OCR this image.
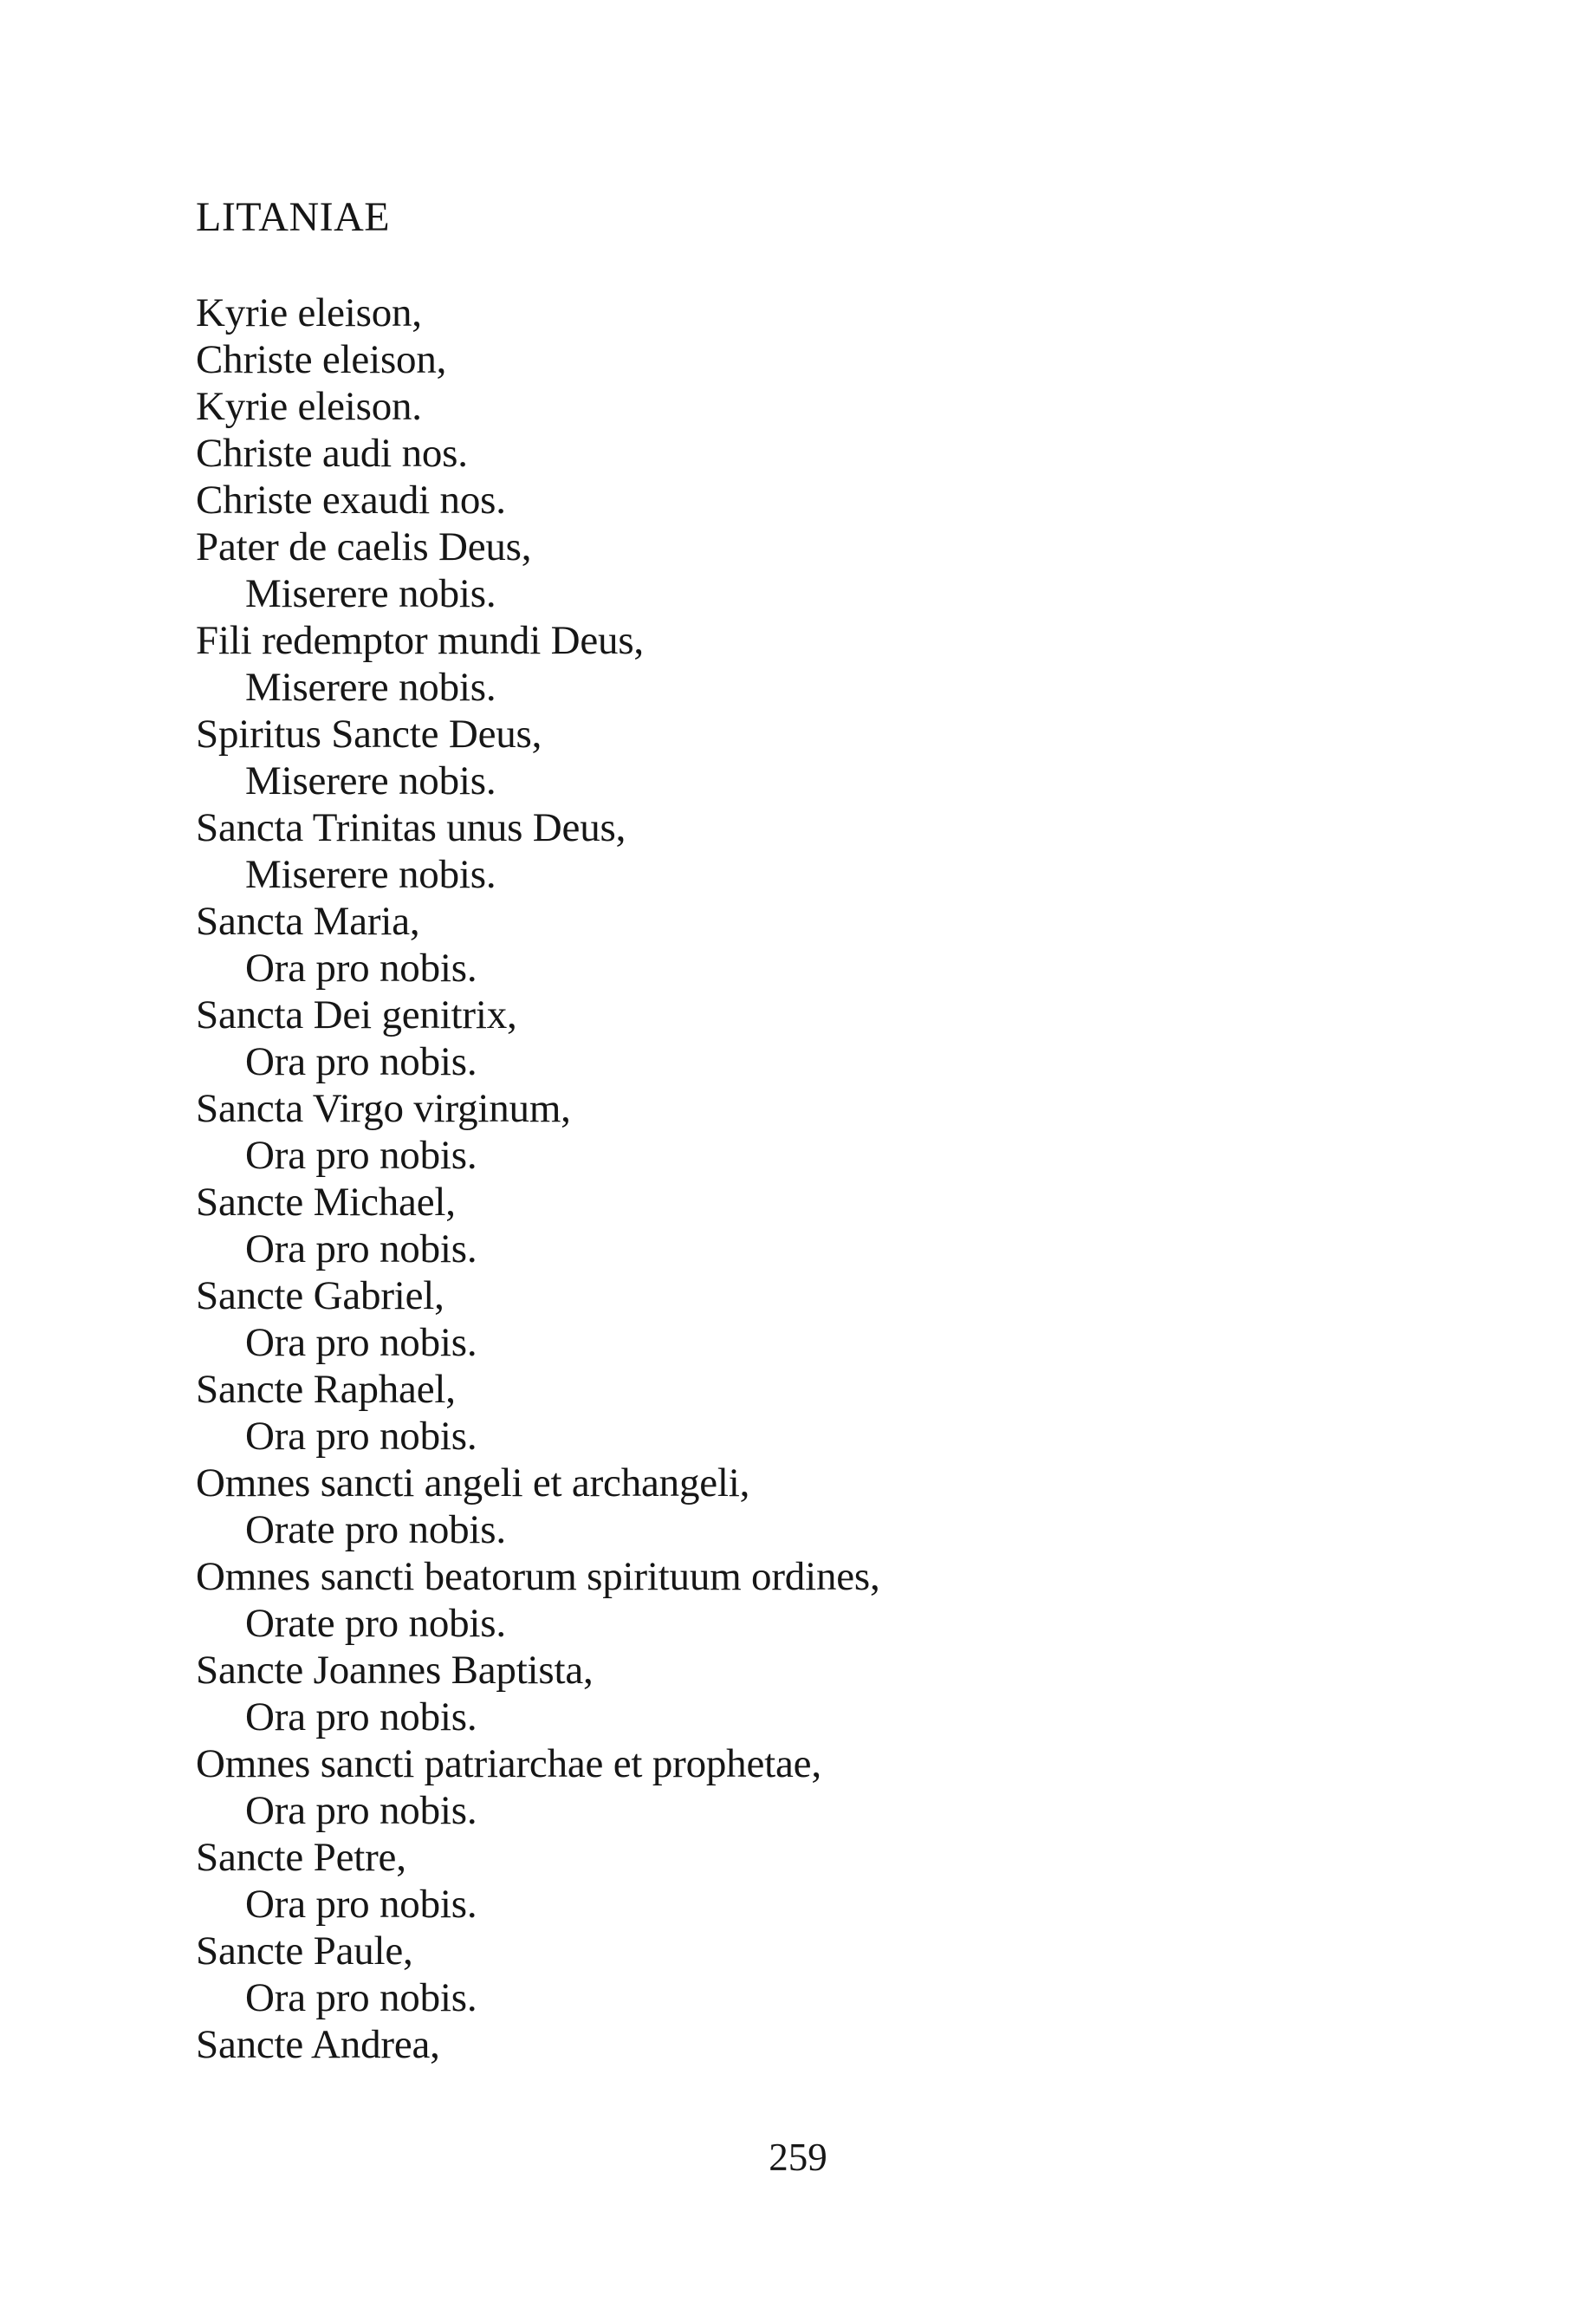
LITANIAE
Kyrie eleison,
Christe eleison,
Kyrie eleison.
Christe audi nos.
Christe exaudi nos.
Pater de caelis Deus,
Miserere nobis.
Fili redemptor mundi Deus,
Miserere nobis.
Spiritus Sancte Deus,
Miserere nobis.
Sancta Trinitas unus Deus,
Miserere nobis.
Sancta Maria,
Ora pro nobis.
Sancta Dei genitrix,
Ora pro nobis.
Sancta Virgo virginum,
Ora pro nobis.
Sancte Michael,
Ora pro nobis.
Sancte Gabriel,
Ora pro nobis.
Sancte Raphael,
Ora pro nobis.
Omnes sancti angeli et archangeli,
Orate pro nobis.
Omnes sancti beatorum spirituum ordines,
Orate pro nobis.
Sancte Joannes Baptista,
Ora pro nobis.
Omnes sancti patriarchae et prophetae,
Ora pro nobis.
Sancte Petre,
Ora pro nobis.
Sancte Paule,
Ora pro nobis.
Sancte Andrea,
259
